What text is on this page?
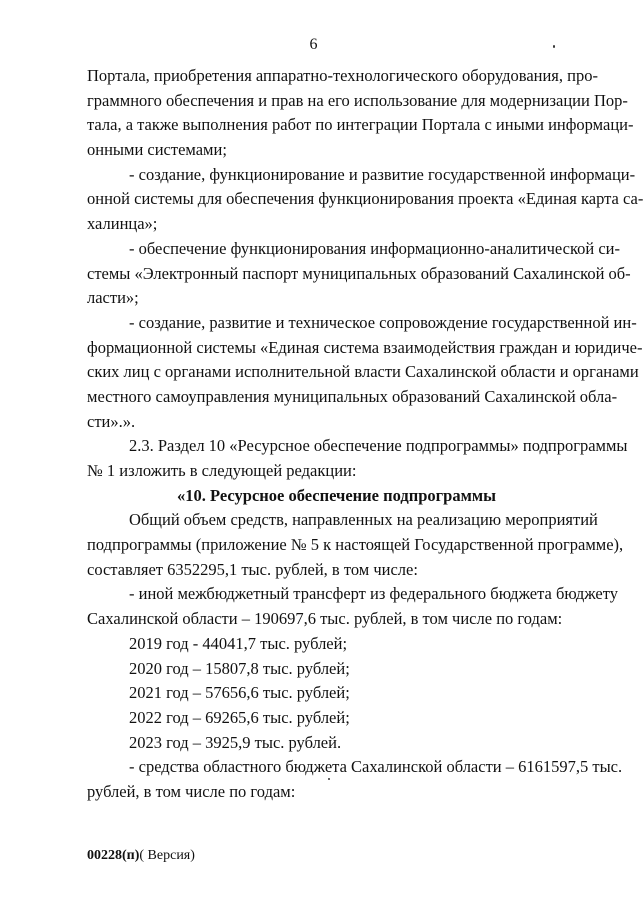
6
Портала, приобретения аппаратно-технологического оборудования, про-
граммного обеспечения и прав на его использование для модернизации Пор-
тала, а также выполнения работ по интеграции Портала с иными информаци-
онными системами;
- создание, функционирование и развитие государственной информаци-
онной системы для обеспечения функционирования проекта «Единая карта са-
халинца»;
- обеспечение функционирования информационно-аналитической си-
стемы «Электронный паспорт муниципальных образований Сахалинской об-
ласти»;
- создание, развитие и техническое сопровождение государственной ин-
формационной системы «Единая система взаимодействия граждан и юридиче-
ских лиц с органами исполнительной власти Сахалинской области и органами
местного самоуправления муниципальных образований Сахалинской обла-
сти».».
2.3. Раздел 10 «Ресурсное обеспечение подпрограммы» подпрограммы
№ 1 изложить в следующей редакции:
«10. Ресурсное обеспечение подпрограммы
Общий объем средств, направленных на реализацию мероприятий
подпрограммы (приложение № 5 к настоящей Государственной программе),
составляет 6352295,1 тыс. рублей, в том числе:
- иной межбюджетный трансферт из федерального бюджета бюджету
Сахалинской области – 190697,6 тыс. рублей, в том числе по годам:
2019 год - 44041,7 тыс. рублей;
2020 год – 15807,8 тыс. рублей;
2021 год – 57656,6 тыс. рублей;
2022 год – 69265,6 тыс. рублей;
2023 год – 3925,9 тыс. рублей.
- средства областного бюджета Сахалинской области – 6161597,5 тыс.
рублей, в том числе по годам:
00228(п)( Версия)
